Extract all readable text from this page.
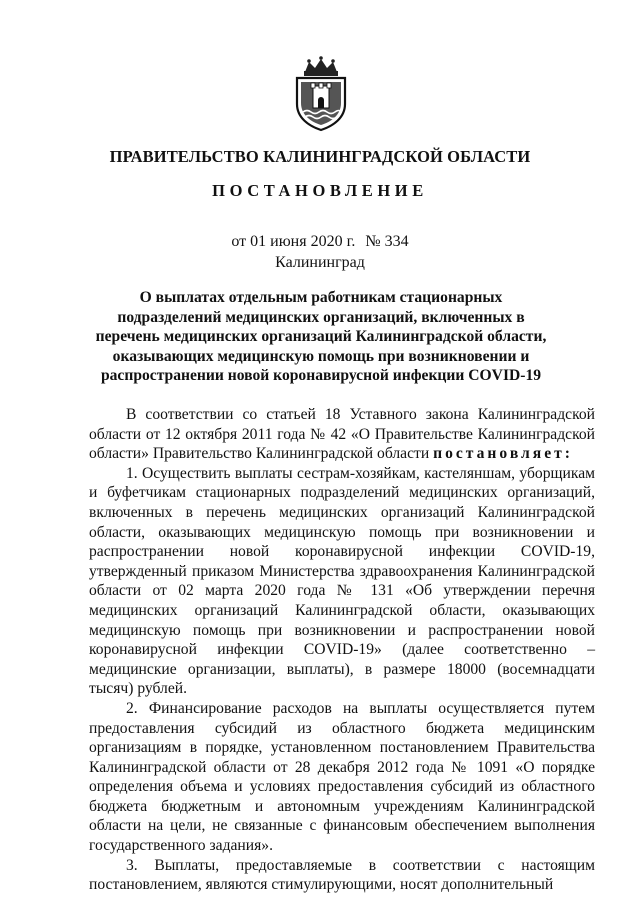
ПРАВИТЕЛЬСТВО КАЛИНИНГРАДСКОЙ ОБЛАСТИ
ПОСТАНОВЛЕНИЕ
от 01 июня 2020 г. № 334
Калининград
О выплатах отдельным работникам стационарных подразделений медицинских организаций, включенных в перечень медицинских организаций Калининградской области, оказывающих медицинскую помощь при возникновении и распространении новой коронавирусной инфекции COVID-19

В соответствии со статьей 18 Уставного закона Калининградской области от 12 октября 2011 года № 42 «О Правительстве Калининградской области» Правительство Калининградской области постановляет:

1. Осуществить выплаты сестрам-хозяйкам, кастеляншам, уборщикам и буфетчикам стационарных подразделений медицинских организаций, включенных в перечень медицинских организаций Калининградской области, оказывающих медицинскую помощь при возникновении и распространении новой коронавирусной инфекции COVID-19, утвержденный приказом Министерства здравоохранения Калининградской области от 02 марта 2020 года № 131 «Об утверждении перечня медицинских организаций Калининградской области, оказывающих медицинскую помощь при возникновении и распространении новой коронавирусной инфекции COVID-19» (далее соответственно – медицинские организации, выплаты), в размере 18000 (восемнадцати тысяч) рублей.

2. Финансирование расходов на выплаты осуществляется путем предоставления субсидий из областного бюджета медицинским организациям в порядке, установленном постановлением Правительства Калининградской области от 28 декабря 2012 года № 1091 «О порядке определения объема и условиях предоставления субсидий из областного бюджета бюджетным и автономным учреждениям Калининградской области на цели, не связанные с финансовым обеспечением выполнения государственного задания».

3. Выплаты, предоставляемые в соответствии с настоящим постановлением, являются стимулирующими, носят дополнительный
